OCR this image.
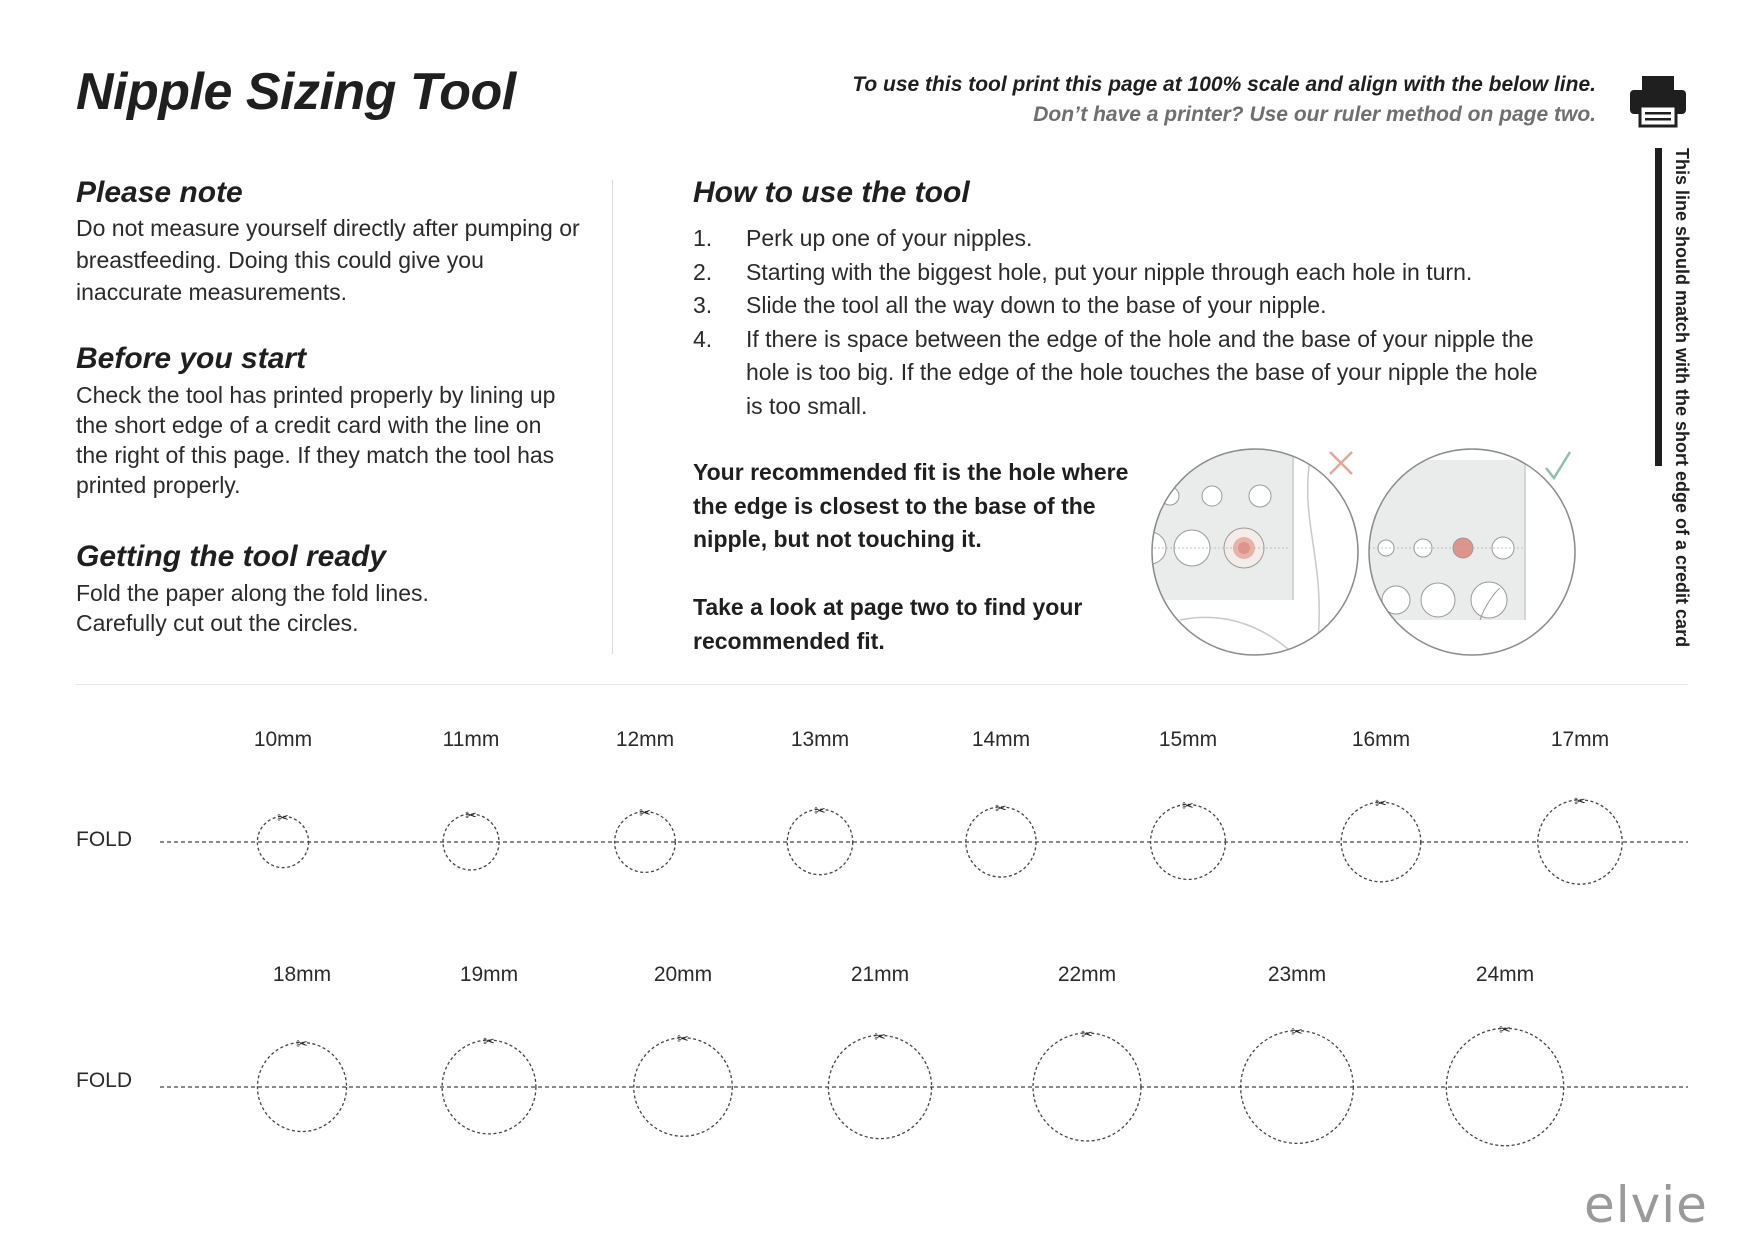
Nipple Sizing Tool	To use this tool print this page at 100% scale and align with the below line.
Don’t have a printer? Use our ruler method on page two.
Please note

Do not measure yourself directly after pumping or breastfeeding. Doing this could give you inaccurate measurements.

Before you start

Check the tool has printed properly by lining up the short edge of a credit card with the line on the right of this page. If they match the tool has printed properly.

Getting the tool ready

Fold the paper along the fold lines. Carefully cut out the circles.

How to use the tool
1. Perk up one of your nipples.
2. Starting with the biggest hole, put your nipple through each hole in turn.
3. Slide the tool all the way down to the base of your nipple.
4. If there is space between the edge of the hole and the base of your nipple the hole is too big. If the edge of the hole touches the base of your nipple the hole is too small.

Your recommended fit is the hole where the edge is closest to the base of the nipple, but not touching it.

Take a look at page two to find your recommended fit.	This line should match with the short edge of a credit card
FOLD
✂	✂	✂	✂	✂	✂	✂	✂
FOLD
✂	✂	✂	✂	✂	✂	✂
10mm	11mm	12mm	13mm	14mm	15mm	16mm	17mm
18mm	19mm	20mm	21mm	22mm	23mm	24mm
elvie
